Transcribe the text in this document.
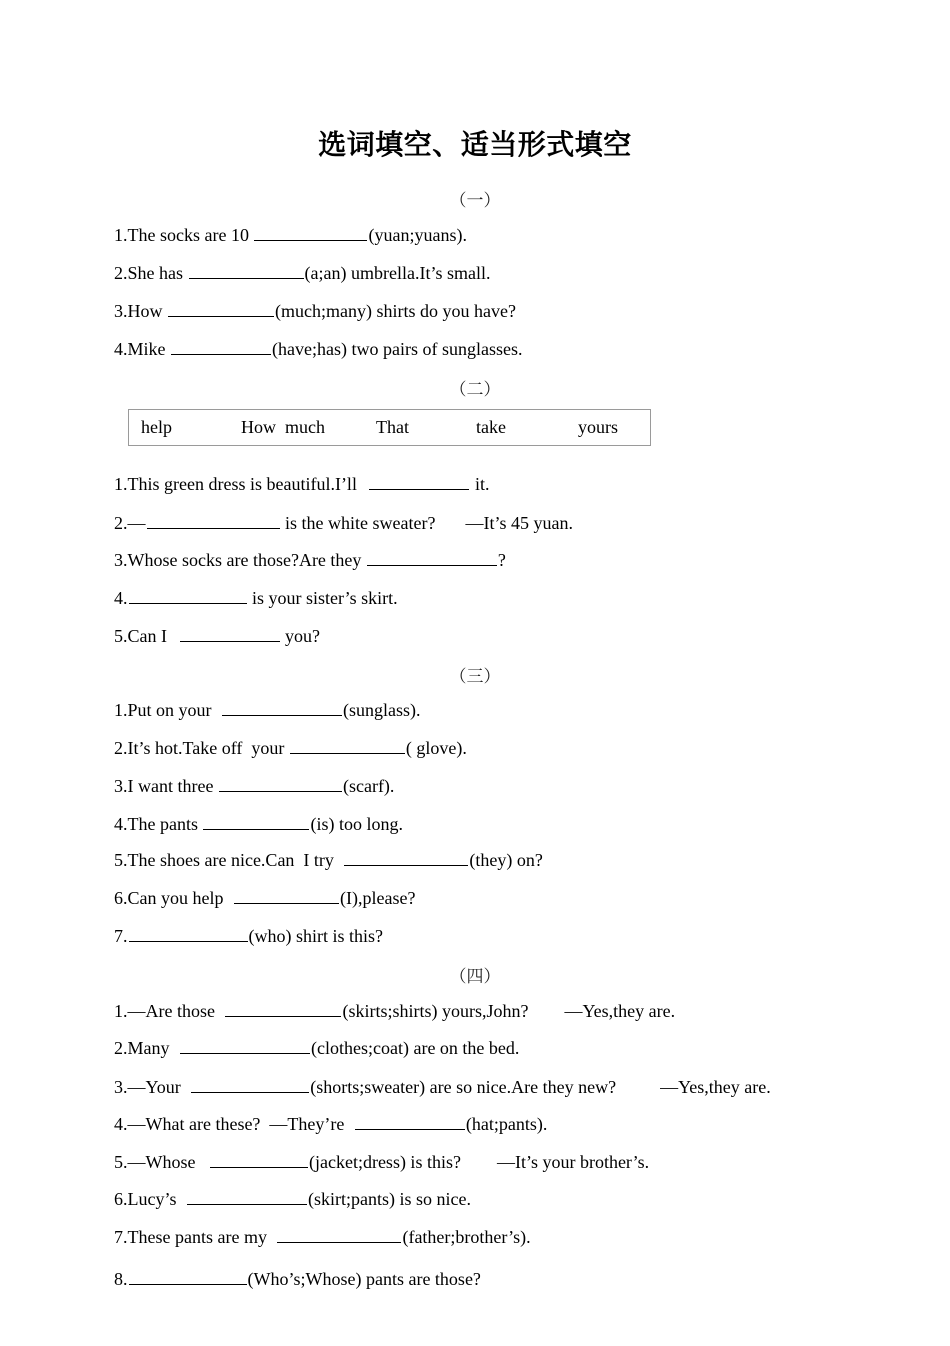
选词填空、适当形式填空
（一）
1.The socks are 10	(yuan;yuans).
2.She has	(a;an) umbrella.It’s small.
3.How	(much;many) shirts do you have?
4.Mike	(have;has) two pairs of sunglasses.
（二）
help	How  much	That	take	yours
1.This green dress is beautiful.I’ll	it.
2.—	is the white sweater? —It’s 45 yuan.
3.Whose socks are those?Are they	?
4.	is your sister’s skirt.
5.Can I	you?
（三）
1.Put on your	(sunglass).
2.It’s hot.Take off  your	( glove).
3.I want three	(scarf).
4.The pants	(is) too long.
5.The shoes are nice.Can  I try	(they) on?
6.Can you help	(I),please?
7.	(who) shirt is this?
（四）
1.—Are those	(skirts;shirts) yours,John? —Yes,they are.
2.Many	(clothes;coat) are on the bed.
3.—Your	(shorts;sweater) are so nice.Are they new? —Yes,they are.
4.—What are these?  —They’re	(hat;pants).
5.—Whose	(jacket;dress) is this? —It’s your brother’s.
6.Lucy’s	(skirt;pants) is so nice.
7.These pants are my	(father;brother’s).
8.	(Who’s;Whose) pants are those?
